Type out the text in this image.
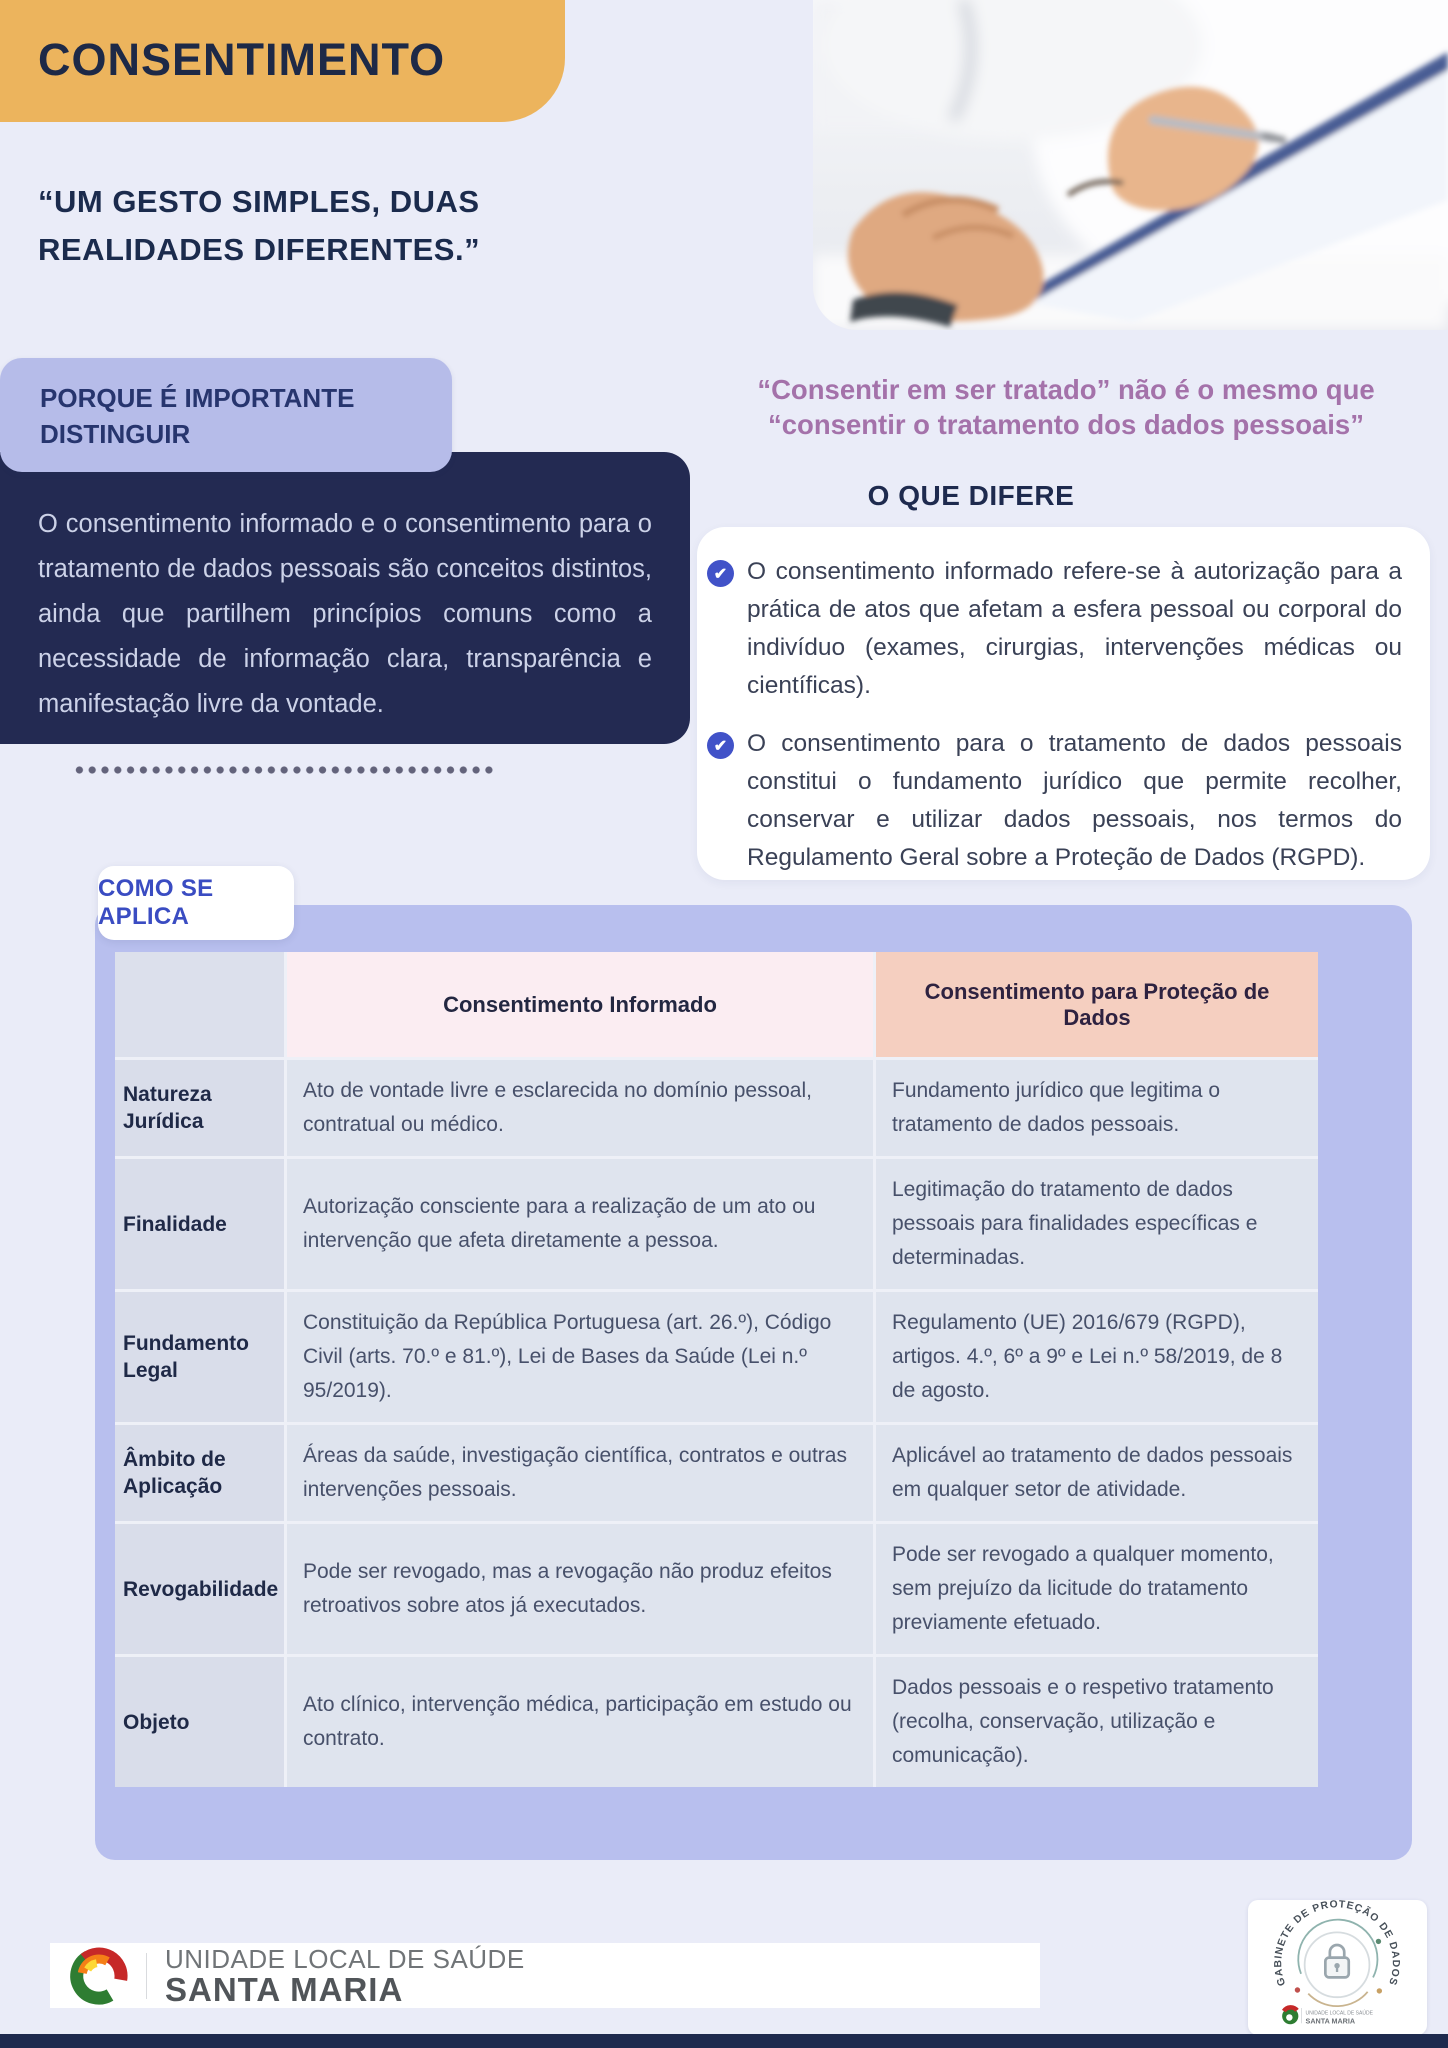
CONSENTIMENTO
“UM GESTO SIMPLES, DUAS
REALIDADES DIFERENTES.”

O consentimento informado e o consentimento para o tratamento de dados pessoais são conceitos distintos, ainda que partilhem princípios comuns como a necessidade de informação clara, transparência e manifestação livre da vontade.

PORQUE É IMPORTANTE
DISTINGUIR
“Consentir em ser tratado” não é o mesmo que
“consentir o tratamento dos dados pessoais”
O QUE DIFERE
✔ O consentimento informado refere-se à autorização para a prática de atos que afetam a esfera pessoal ou corporal do indivíduo (exames, cirurgias, intervenções médicas ou científicas).

✔ O consentimento para o tratamento de dados pessoais constitui o fundamento jurídico que permite recolher, conservar e utilizar dados pessoais, nos termos do Regulamento Geral sobre a Proteção de Dados (RGPD).

COMO SE APLICA
Consentimento Informado
Consentimento para Proteção de Dados
Natureza Jurídica
Ato de vontade livre e esclarecida no domínio pessoal, contratual ou médico.
Fundamento jurídico que legitima o tratamento de dados pessoais.
Finalidade
Autorização consciente para a realização de um ato ou intervenção que afeta diretamente a pessoa.
Legitimação do tratamento de dados pessoais para finalidades específicas e determinadas.
Fundamento Legal
Constituição da República Portuguesa (art. 26.º), Código Civil (arts. 70.º e 81.º), Lei de Bases da Saúde (Lei n.º 95/2019).
Regulamento (UE) 2016/679 (RGPD), artigos. 4.º, 6º a 9º e Lei n.º 58/2019, de 8 de agosto.
Âmbito de Aplicação
Áreas da saúde, investigação científica, contratos e outras intervenções pessoais.
Aplicável ao tratamento de dados pessoais em qualquer setor de atividade.
Revogabilidade
Pode ser revogado, mas a revogação não produz efeitos retroativos sobre atos já executados.
Pode ser revogado a qualquer momento, sem prejuízo da licitude do tratamento previamente efetuado.
Objeto
Ato clínico, intervenção médica, participação em estudo ou contrato.
Dados pessoais e o respetivo tratamento (recolha, conservação, utilização e comunicação).
UNIDADE LOCAL DE SAÚDE
SANTA MARIA	GABINETE DE PROTEÇÃO DE DADOS
UNIDADE LOCAL DE SAÚDE
SANTA MARIA
